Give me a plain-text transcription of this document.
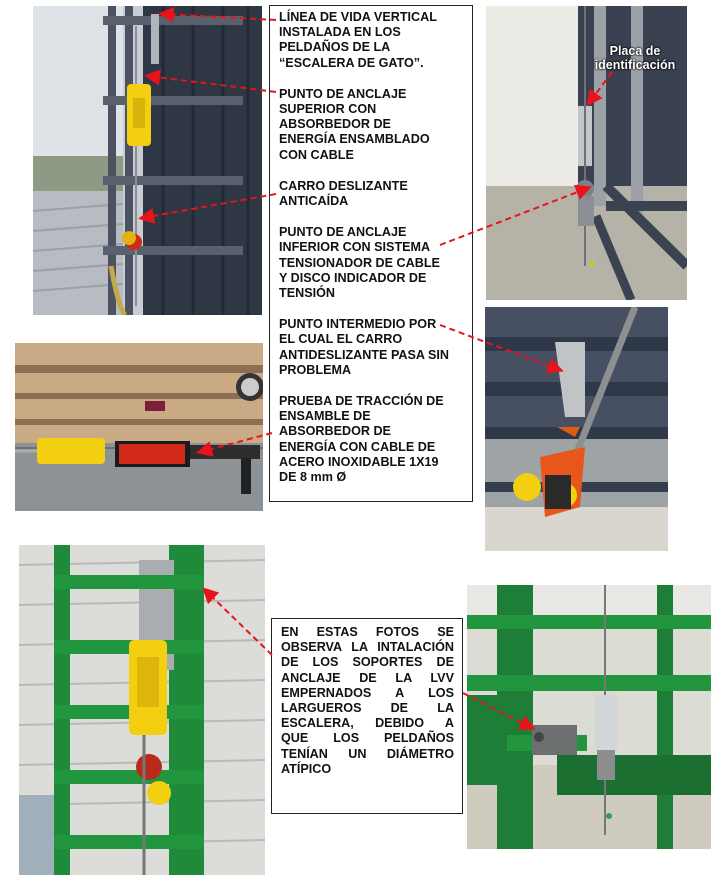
Placa de
identificación

LÍNEA DE VIDA VERTICAL
INSTALADA EN LOS
PELDAÑOS DE LA
“ESCALERA DE GATO”.

PUNTO DE ANCLAJE
SUPERIOR CON
ABSORBEDOR DE
ENERGÍA ENSAMBLADO
CON CABLE

CARRO DESLIZANTE
ANTICAÍDA

PUNTO DE ANCLAJE
INFERIOR CON SISTEMA
TENSIONADOR DE CABLE
Y DISCO INDICADOR DE
TENSIÓN

PUNTO INTERMEDIO POR
EL CUAL EL CARRO
ANTIDESLIZANTE PASA SIN
PROBLEMA

PRUEBA DE TRACCIÓN DE
ENSAMBLE DE
ABSORBEDOR DE
ENERGÍA CON CABLE DE
ACERO INOXIDABLE 1X19
DE 8 mm Ø

EN ESTAS FOTOS SE
OBSERVA LA INTALACIÓN
DE LOS SOPORTES DE
ANCLAJE DE LA LVV
EMPERNADOS A LOS
LARGUEROS DE LA
ESCALERA, DEBIDO A
QUE LOS PELDAÑOS
TENÍAN UN DIÁMETRO
ATÍPICO
